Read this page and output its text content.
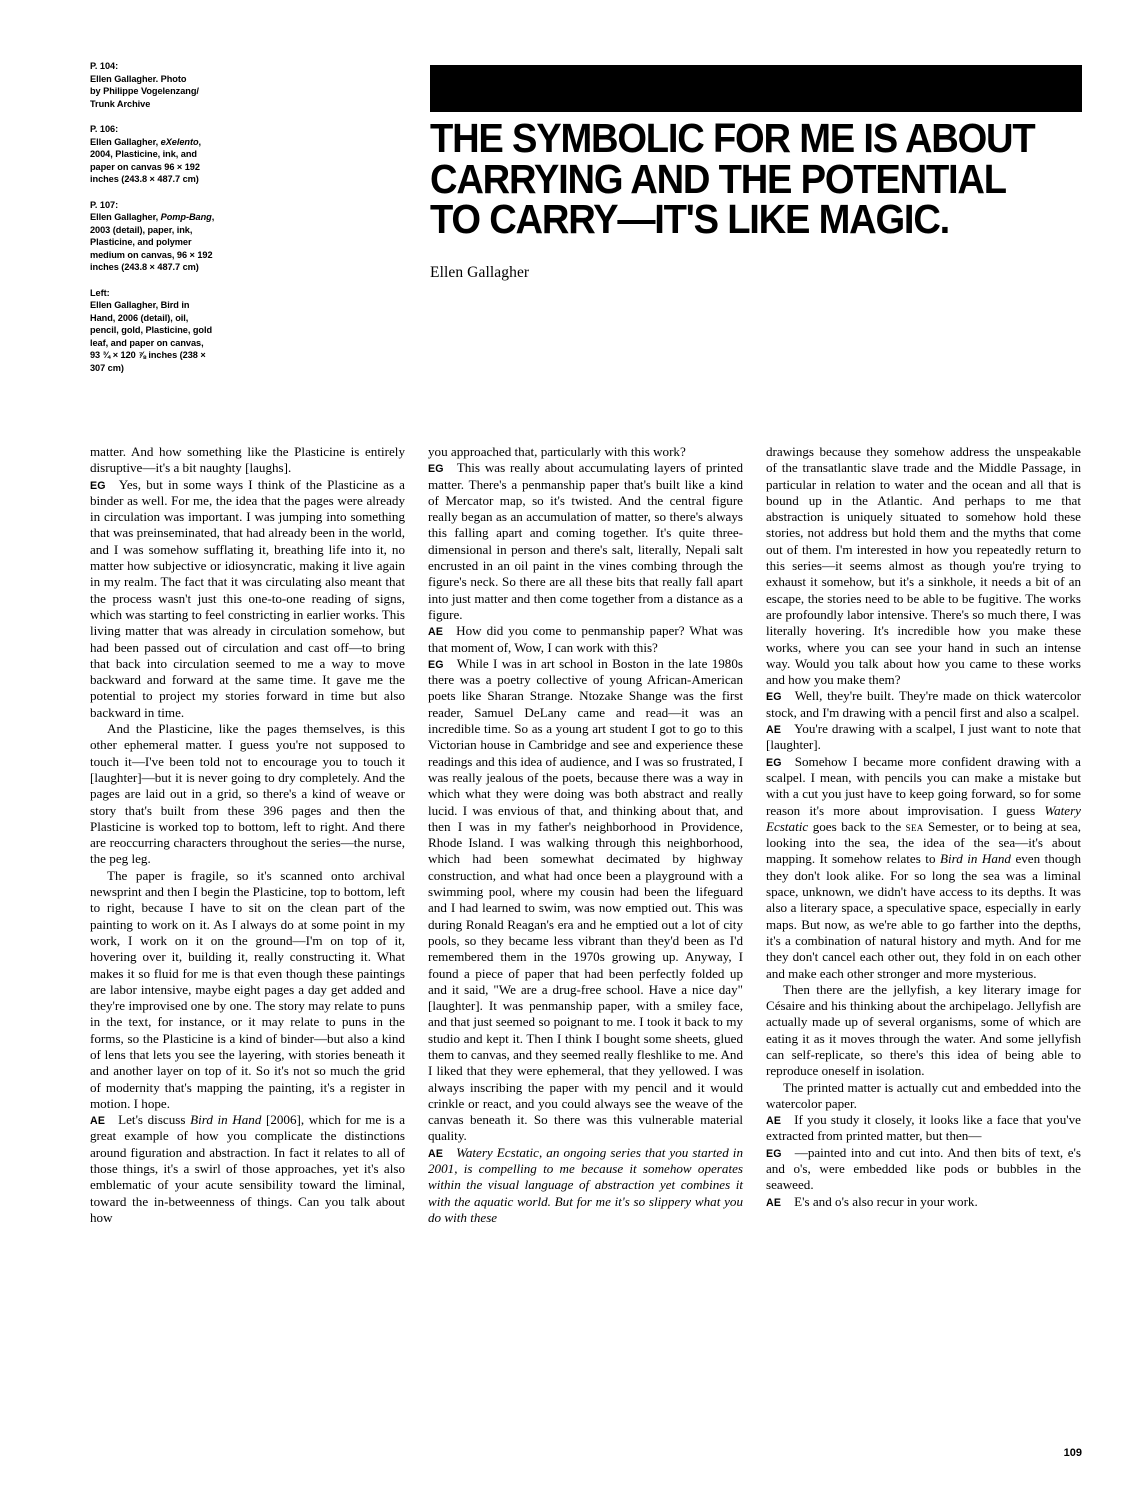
P. 104:

Ellen Gallagher. Photo

by Philippe Vogelenzang/

Trunk Archive

P. 106:

Ellen Gallagher, eXelento,

2004, Plasticine, ink, and

paper on canvas 96 × 192

inches (243.8 × 487.7 cm)

P. 107:

Ellen Gallagher, Pomp-Bang,

2003 (detail), paper, ink,

Plasticine, and polymer

medium on canvas, 96 × 192

inches (243.8 × 487.7 cm)

Left:

Ellen Gallagher, Bird in

Hand, 2006 (detail), oil,

pencil, gold, Plasticine, gold

leaf, and paper on canvas,

93 ¾ × 120 ⅞ inches (238 ×

307 cm)

THE SYMBOLIC FOR ME IS ABOUT CARRYING AND THE POTENTIAL TO CARRY—IT'S LIKE MAGIC.
Ellen Gallagher

matter. And how something like the Plasticine is entirely disruptive—it's a bit naughty [laughs].

EG Yes, but in some ways I think of the Plasticine as a binder as well. For me, the idea that the pages were already in circulation was important. I was jumping into something that was preinseminated, that had already been in the world, and I was somehow sufflating it, breathing life into it, no matter how subjective or idiosyncratic, making it live again in my realm. The fact that it was circulating also meant that the process wasn't just this one-to-one reading of signs, which was starting to feel constricting in earlier works. This living matter that was already in circulation somehow, but had been passed out of circulation and cast off—to bring that back into circulation seemed to me a way to move backward and forward at the same time. It gave me the potential to project my stories forward in time but also backward in time.

And the Plasticine, like the pages themselves, is this other ephemeral matter. I guess you're not supposed to touch it—I've been told not to encourage you to touch it [laughter]—but it is never going to dry completely. And the pages are laid out in a grid, so there's a kind of weave or story that's built from these 396 pages and then the Plasticine is worked top to bottom, left to right. And there are reoccurring characters throughout the series—the nurse, the peg leg.

The paper is fragile, so it's scanned onto archival newsprint and then I begin the Plasticine, top to bottom, left to right, because I have to sit on the clean part of the painting to work on it. As I always do at some point in my work, I work on it on the ground—I'm on top of it, hovering over it, building it, really constructing it. What makes it so fluid for me is that even though these paintings are labor intensive, maybe eight pages a day get added and they're improvised one by one. The story may relate to puns in the text, for instance, or it may relate to puns in the forms, so the Plasticine is a kind of binder—but also a kind of lens that lets you see the layering, with stories beneath it and another layer on top of it. So it's not so much the grid of modernity that's mapping the painting, it's a register in motion. I hope.

AE Let's discuss Bird in Hand [2006], which for me is a great example of how you complicate the distinctions around figuration and abstraction. In fact it relates to all of those things, it's a swirl of those approaches, yet it's also emblematic of your acute sensibility toward the liminal, toward the in-betweenness of things. Can you talk about how

you approached that, particularly with this work?

EG This was really about accumulating layers of printed matter. There's a penmanship paper that's built like a kind of Mercator map, so it's twisted. And the central figure really began as an accumulation of matter, so there's always this falling apart and coming together. It's quite three-dimensional in person and there's salt, literally, Nepali salt encrusted in an oil paint in the vines combing through the figure's neck. So there are all these bits that really fall apart into just matter and then come together from a distance as a figure.

AE How did you come to penmanship paper? What was that moment of, Wow, I can work with this?

EG While I was in art school in Boston in the late 1980s there was a poetry collective of young African-American poets like Sharan Strange. Ntozake Shange was the first reader, Samuel DeLany came and read—it was an incredible time. So as a young art student I got to go to this Victorian house in Cambridge and see and experience these readings and this idea of audience, and I was so frustrated, I was really jealous of the poets, because there was a way in which what they were doing was both abstract and really lucid. I was envious of that, and thinking about that, and then I was in my father's neighborhood in Providence, Rhode Island. I was walking through this neighborhood, which had been somewhat decimated by highway construction, and what had once been a playground with a swimming pool, where my cousin had been the lifeguard and I had learned to swim, was now emptied out. This was during Ronald Reagan's era and he emptied out a lot of city pools, so they became less vibrant than they'd been as I'd remembered them in the 1970s growing up. Anyway, I found a piece of paper that had been perfectly folded up and it said, "We are a drug-free school. Have a nice day" [laughter]. It was penmanship paper, with a smiley face, and that just seemed so poignant to me. I took it back to my studio and kept it. Then I think I bought some sheets, glued them to canvas, and they seemed really fleshlike to me. And I liked that they were ephemeral, that they yellowed. I was always inscribing the paper with my pencil and it would crinkle or react, and you could always see the weave of the canvas beneath it. So there was this vulnerable material quality.

AE Watery Ecstatic, an ongoing series that you started in 2001, is compelling to me because it somehow operates within the visual language of abstraction yet combines it with the aquatic world. But for me it's so slippery what you do with these

drawings because they somehow address the unspeakable of the transatlantic slave trade and the Middle Passage, in particular in relation to water and the ocean and all that is bound up in the Atlantic. And perhaps to me that abstraction is uniquely situated to somehow hold these stories, not address but hold them and the myths that come out of them. I'm interested in how you repeatedly return to this series—it seems almost as though you're trying to exhaust it somehow, but it's a sinkhole, it needs a bit of an escape, the stories need to be able to be fugitive. The works are profoundly labor intensive. There's so much there, I was literally hovering. It's incredible how you make these works, where you can see your hand in such an intense way. Would you talk about how you came to these works and how you make them?

EG Well, they're built. They're made on thick watercolor stock, and I'm drawing with a pencil first and also a scalpel.

AE You're drawing with a scalpel, I just want to note that [laughter].

EG Somehow I became more confident drawing with a scalpel. I mean, with pencils you can make a mistake but with a cut you just have to keep going forward, so for some reason it's more about improvisation. I guess Watery Ecstatic goes back to the sea Semester, or to being at sea, looking into the sea, the idea of the sea—it's about mapping. It somehow relates to Bird in Hand even though they don't look alike. For so long the sea was a liminal space, unknown, we didn't have access to its depths. It was also a literary space, a speculative space, especially in early maps. But now, as we're able to go farther into the depths, it's a combination of natural history and myth. And for me they don't cancel each other out, they fold in on each other and make each other stronger and more mysterious.

Then there are the jellyfish, a key literary image for Césaire and his thinking about the archipelago. Jellyfish are actually made up of several organisms, some of which are eating it as it moves through the water. And some jellyfish can self-replicate, so there's this idea of being able to reproduce oneself in isolation.

The printed matter is actually cut and embedded into the watercolor paper.

AE If you study it closely, it looks like a face that you've extracted from printed matter, but then—

EG —painted into and cut into. And then bits of text, e's and o's, were embedded like pods or bubbles in the seaweed.

AE E's and o's also recur in your work.

109
